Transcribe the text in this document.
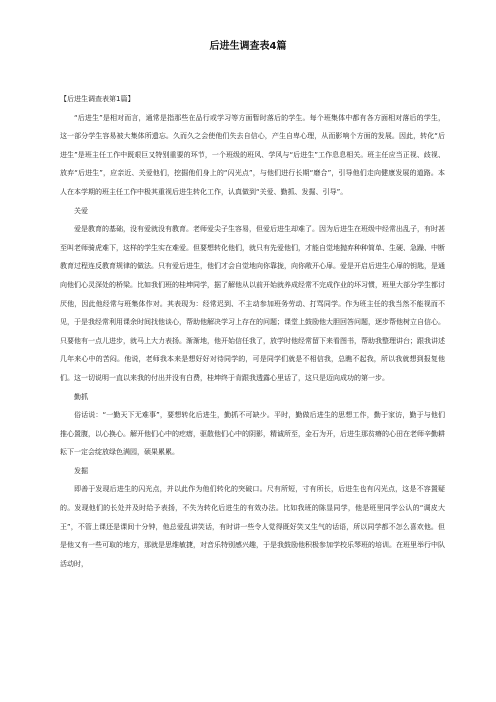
后进生调查表4篇

【后进生调查表第1篇】

“后进生”是相对而言，通常是指那些在品行或学习等方面暂时落后的学生。每个班集体中都有各方面相对落后的学生，这一部分学生容易被大集体所遗忘。久而久之会使他们失去自信心，产生自卑心理，从而影响个方面的发展。因此，转化“后进生”是班主任工作中既艰巨又特别重要的环节，一个班级的班风、学风与“后进生”工作息息相关。班主任应当正视、歧视、放弃“后进生”，应亲近、关爱他们，挖掘他们身上的“闪光点”，与他们进行长期“磨合”，引导他们走向健康发展的道路。本人在本学期的班主任工作中极其重视后进生转化工作，认真做到“关爱、勤抓、发掘、引导”。

关爱

爱是教育的基础，没有爱就没有教育。老师爱尖子生容易，但爱后进生却难了。因为后进生在班级中经常出乱子，有时甚至叫老师骑虎难下，这样的学生实在难爱。但要想转化他们，就只有先爱他们，才能自觉地抛弃种种简单、生硬、急躁、中断教育过程连反教育规律的做法。只有爱后进生，他们才会自觉地向你靠拢，向你敞开心扉。爱是开启后进生心扉的钥匙，是通向他们心灵深处的桥梁。比如我们班的桂坤同学，据了解他从以前开始就养成经常不完成作业的坏习惯，班里大部分学生都讨厌他，因此他经常与班集体作对。其表现为：经常迟到、不主动参加班务劳动、打骂同学。作为班主任的我当然不能视而不见，于是我经常利用课余时间找他谈心，帮助他解决学习上存在的问题；课堂上鼓励他大胆回答问题，逐步帮他树立自信心。只要他有一点儿进步，就马上大力表扬。渐渐地，他开始信任我了，放学时他经常留下来看图书，帮助我整理讲台；跟我讲述几年来心中的苦闷。他说，老师我本来是想好好对待同学的，可是同学们就是不相信我，总瞧不起我，所以我就想到报复他们。这一切说明一直以来我的付出并没有白费，桂坤终于肯跟我透露心里话了，这只是迈向成功的第一步。

勤抓

俗话说：“一勤天下无难事”，要想转化后进生，勤抓不可缺少。平时，勤做后进生的思想工作，勤于家访，勤于与他们推心置腹，以心换心。解开他们心中的疙瘩，驱散他们心中的阴影，精诚所至，金石为开，后进生那贫瘠的心田在老师辛勤耕耘下一定会绽放绿色满园，硕果累累。

发掘

即善于发现后进生的闪光点，并以此作为他们转化的突破口。尺有所短，寸有所长，后进生也有闪光点，这是不容置疑的。发现他们的长处并及时给予表扬，不失为转化后进生的有效办法。比如我班的陈显同学，他是班里同学公认的“调皮大王”，不管上课还是课间十分钟，他总爱乱讲笑话，有时讲一些令人觉得既好笑又生气的话语，所以同学都不怎么喜欢他。但是他又有一些可取的地方，那就是思维敏捷，对音乐特别感兴趣，于是我鼓励他积极参加学校乐琴班的培训。在班里举行中队活动时，
